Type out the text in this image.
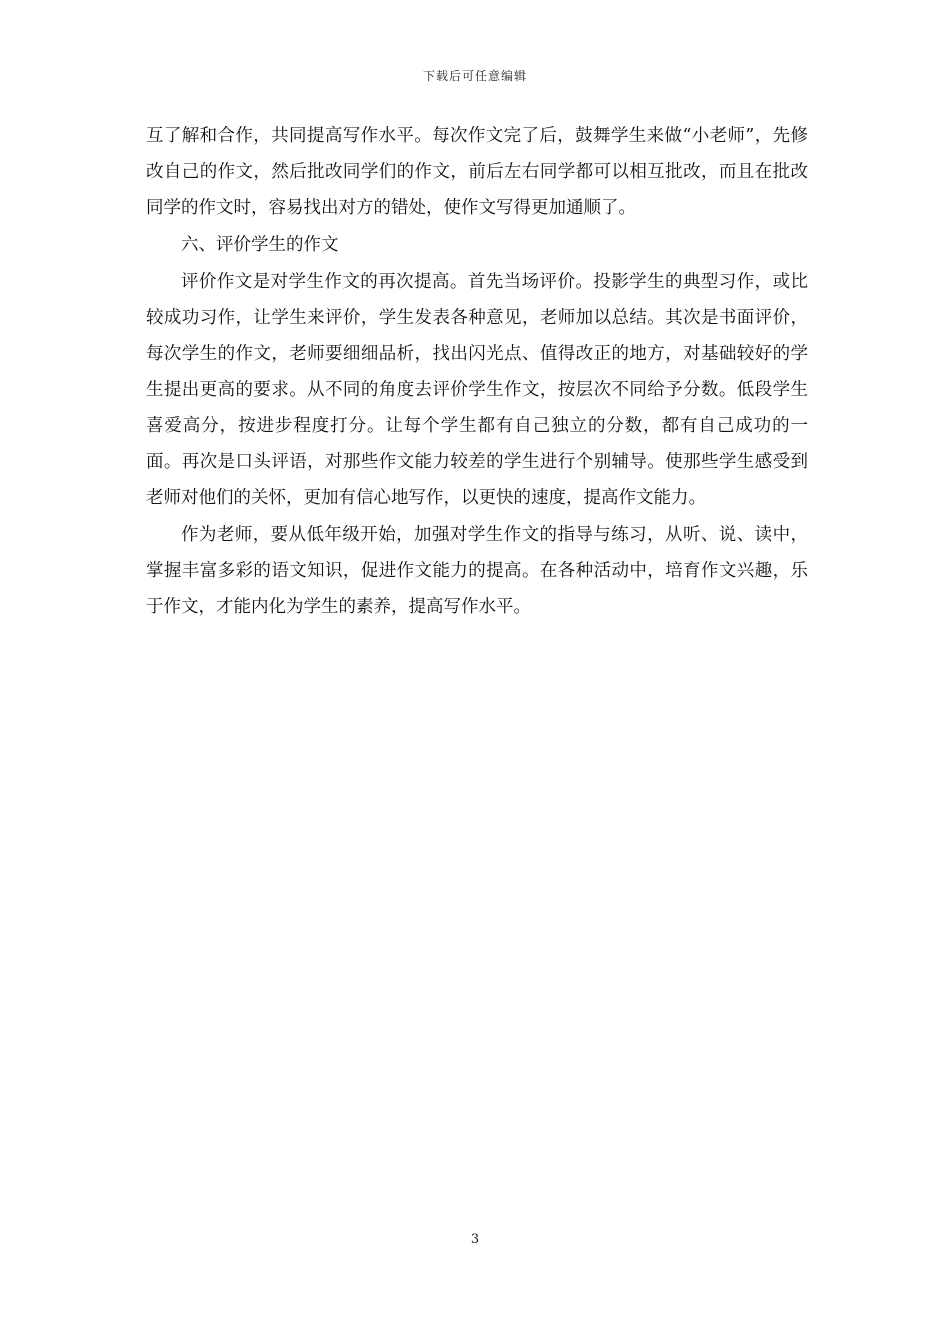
下载后可任意编辑

互了解和合作，共同提高写作水平。每次作文完了后，鼓舞学生来做“小老师”，先修改自己的作文，然后批改同学们的作文，前后左右同学都可以相互批改，而且在批改同学的作文时，容易找出对方的错处，使作文写得更加通顺了。

六、评价学生的作文

评价作文是对学生作文的再次提高。首先当场评价。投影学生的典型习作，或比较成功习作，让学生来评价，学生发表各种意见，老师加以总结。其次是书面评价，每次学生的作文，老师要细细品析，找出闪光点、值得改正的地方，对基础较好的学生提出更高的要求。从不同的角度去评价学生作文，按层次不同给予分数。低段学生喜爱高分，按进步程度打分。让每个学生都有自己独立的分数，都有自己成功的一面。再次是口头评语，对那些作文能力较差的学生进行个别辅导。使那些学生感受到老师对他们的关怀，更加有信心地写作，以更快的速度，提高作文能力。

作为老师，要从低年级开始，加强对学生作文的指导与练习，从听、说、读中，掌握丰富多彩的语文知识，促进作文能力的提高。在各种活动中，培育作文兴趣，乐于作文，才能内化为学生的素养，提高写作水平。

3
